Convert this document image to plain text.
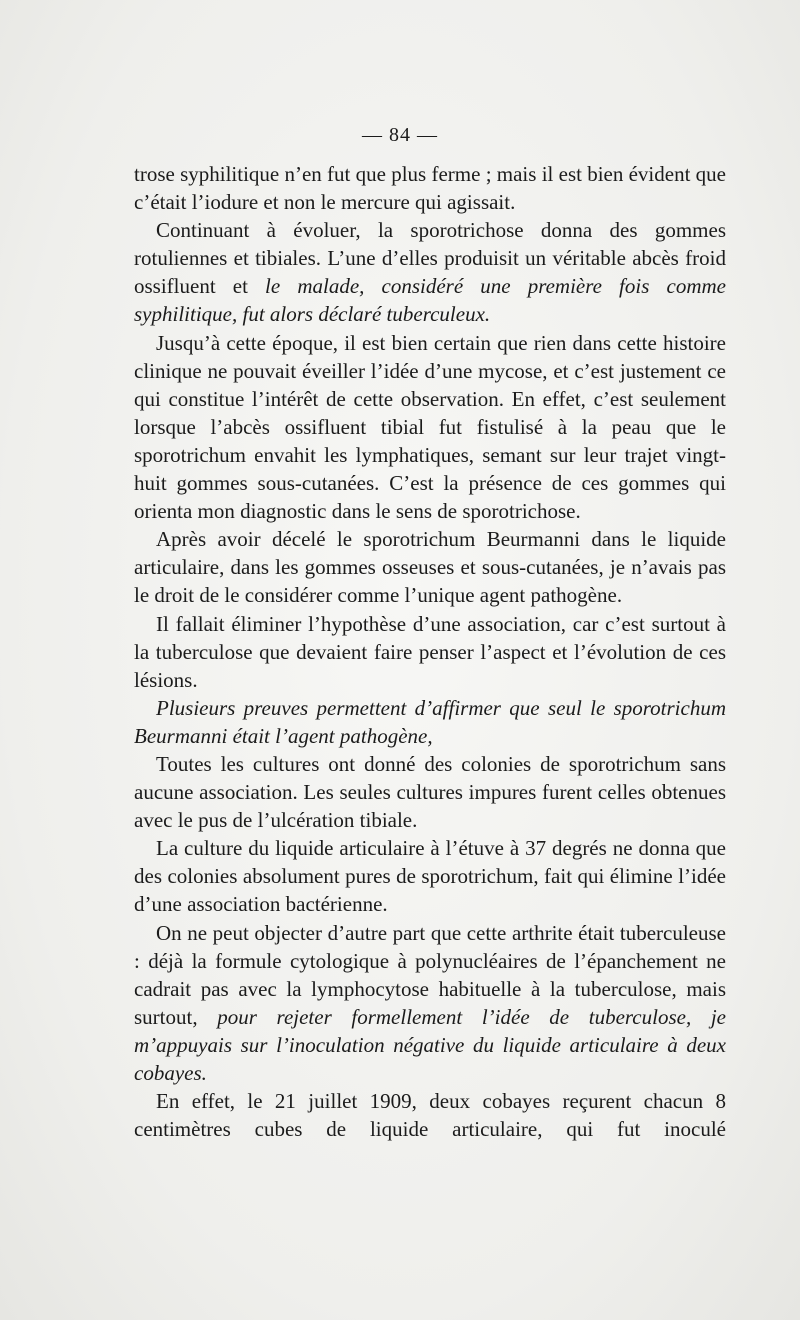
— 84 —

trose syphilitique n’en fut que plus ferme ; mais il est bien évident que c’était l’iodure et non le mercure qui agissait.

Continuant à évoluer, la sporotrichose donna des gommes rotuliennes et tibiales. L’une d’elles produisit un véritable abcès froid ossifluent et le malade, considéré une première fois comme syphilitique, fut alors déclaré tuberculeux.

Jusqu’à cette époque, il est bien certain que rien dans cette histoire clinique ne pouvait éveiller l’idée d’une mycose, et c’est justement ce qui constitue l’intérêt de cette observation. En effet, c’est seulement lorsque l’abcès ossifluent tibial fut fistulisé à la peau que le sporotrichum envahit les lymphatiques, semant sur leur trajet vingt-huit gommes sous-cutanées. C’est la présence de ces gommes qui orienta mon diagnostic dans le sens de sporotrichose.

Après avoir décelé le sporotrichum Beurmanni dans le liquide articulaire, dans les gommes osseuses et sous-cutanées, je n’avais pas le droit de le considérer comme l’unique agent pathogène.

Il fallait éliminer l’hypothèse d’une association, car c’est surtout à la tuberculose que devaient faire penser l’aspect et l’évolution de ces lésions.

Plusieurs preuves permettent d’affirmer que seul le sporotrichum Beurmanni était l’agent pathogène,

Toutes les cultures ont donné des colonies de sporotrichum sans aucune association. Les seules cultures impures furent celles obtenues avec le pus de l’ulcération tibiale.

La culture du liquide articulaire à l’étuve à 37 degrés ne donna que des colonies absolument pures de sporotrichum, fait qui élimine l’idée d’une association bactérienne.

On ne peut objecter d’autre part que cette arthrite était tuberculeuse : déjà la formule cytologique à polynucléaires de l’épanchement ne cadrait pas avec la lymphocytose habituelle à la tuberculose, mais surtout, pour rejeter formellement l’idée de tuberculose, je m’appuyais sur l’inoculation négative du liquide articulaire à deux cobayes.

En effet, le 21 juillet 1909, deux cobayes reçurent chacun 8 centimètres cubes de liquide articulaire, qui fut inoculé
